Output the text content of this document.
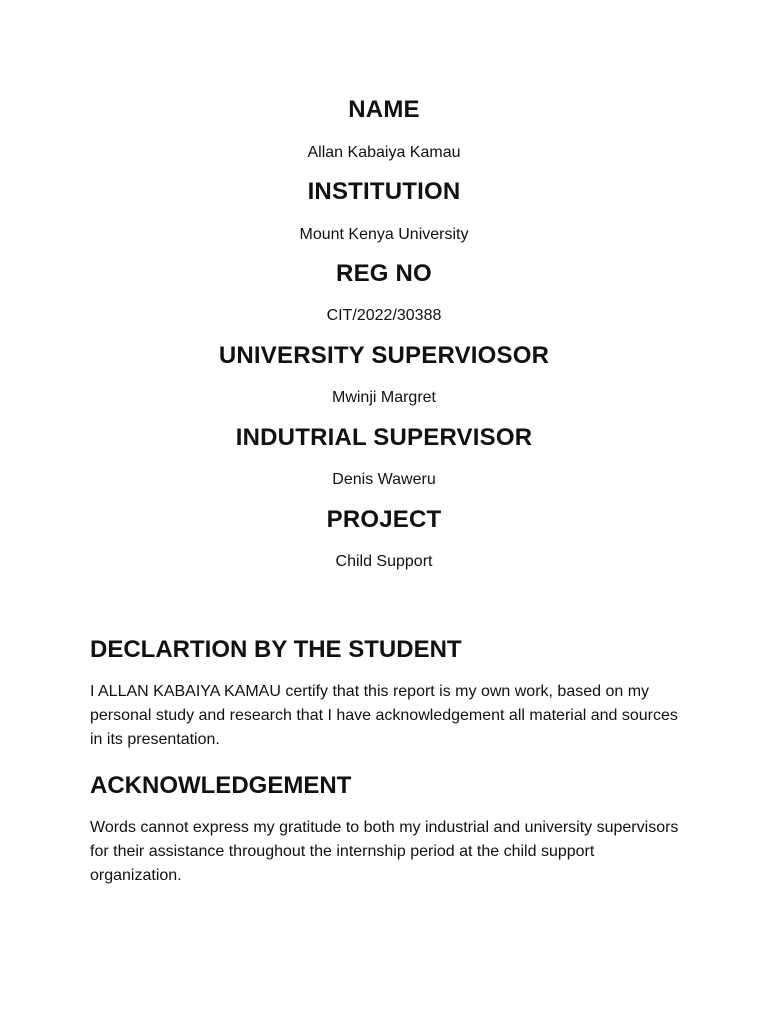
NAME

Allan Kabaiya Kamau

INSTITUTION

Mount Kenya University

REG NO

CIT/2022/30388

UNIVERSITY SUPERVIOSOR

Mwinji Margret

INDUTRIAL SUPERVISOR

Denis Waweru

PROJECT

Child Support

DECLARTION BY THE STUDENT

I ALLAN KABAIYA KAMAU certify that this report is my own work, based on my personal study and research that I have acknowledgement all material and sources in its presentation.

ACKNOWLEDGEMENT

Words cannot express my gratitude to both my industrial and university supervisors for their assistance throughout the internship period at the child support organization.
